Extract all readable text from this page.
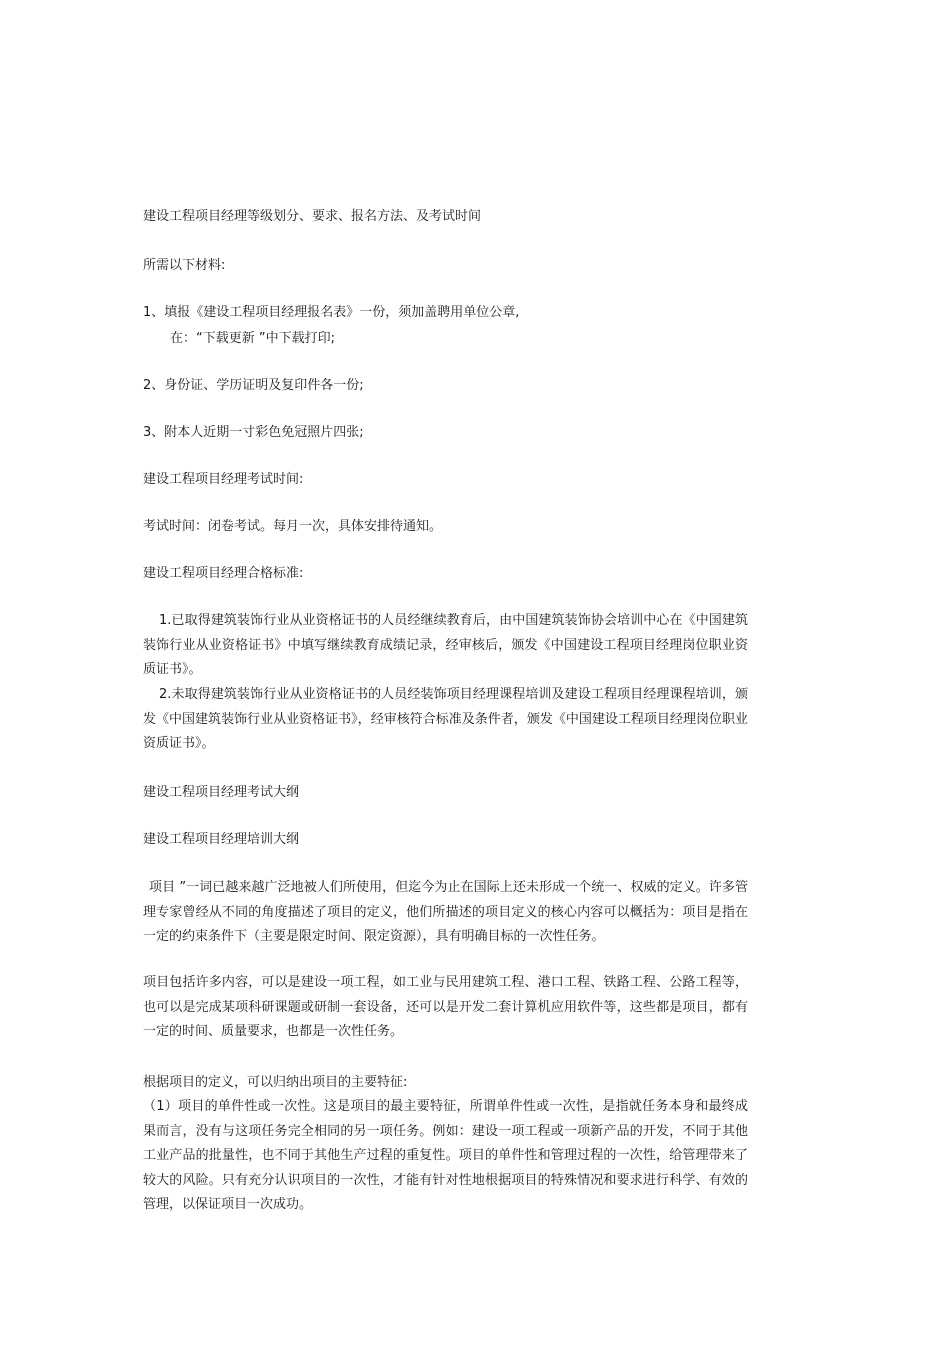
建设工程项目经理等级划分、要求、报名方法、及考试时间
所需以下材料:
1、填报《建设工程项目经理报名表》一份，须加盖聘用单位公章,
在：“下载更新 ”中下载打印;
2、身份证、学历证明及复印件各一份;
3、附本人近期一寸彩色免冠照片四张;
建设工程项目经理考试时间:
考试时间：闭卷考试。每月一次，具体安排待通知。
建设工程项目经理合格标准:
1.已取得建筑装饰行业从业资格证书的人员经继续教育后，由中国建筑装饰协会培训中心在《中国建筑装饰行业从业资格证书》中填写继续教育成绩记录，经审核后，颁发《中国建设工程项目经理岗位职业资质证书》。
2.未取得建筑装饰行业从业资格证书的人员经装饰项目经理课程培训及建设工程项目经理课程培训，颁发《中国建筑装饰行业从业资格证书》，经审核符合标准及条件者，颁发《中国建设工程项目经理岗位职业资质证书》。
建设工程项目经理考试大纲
建设工程项目经理培训大纲
项目 ”一词已越来越广泛地被人们所使用，但迄今为止在国际上还未形成一个统一、权威的定义。许多管理专家曾经从不同的角度描述了项目的定义，他们所描述的项目定义的核心内容可以概括为：项目是指在一定的约束条件下（主要是限定时间、限定资源），具有明确目标的一次性任务。
项目包括许多内容，可以是建设一项工程，如工业与民用建筑工程、港口工程、铁路工程、公路工程等，也可以是完成某项科研课题或研制一套设备，还可以是开发二套计算机应用软件等，这些都是项目，都有一定的时间、质量要求，也都是一次性任务。
根据项目的定义，可以归纳出项目的主要特征:
（1）项目的单件性或一次性。这是项目的最主要特征，所谓单件性或一次性，是指就任务本身和最终成果而言，没有与这项任务完全相同的另一项任务。例如：建设一项工程或一项新产品的开发，不同于其他工业产品的批量性，也不同于其他生产过程的重复性。项目的单件性和管理过程的一次性，给管理带来了较大的风险。只有充分认识项目的一次性，才能有针对性地根据项目的特殊情况和要求进行科学、有效的管理，以保证项目一次成功。
